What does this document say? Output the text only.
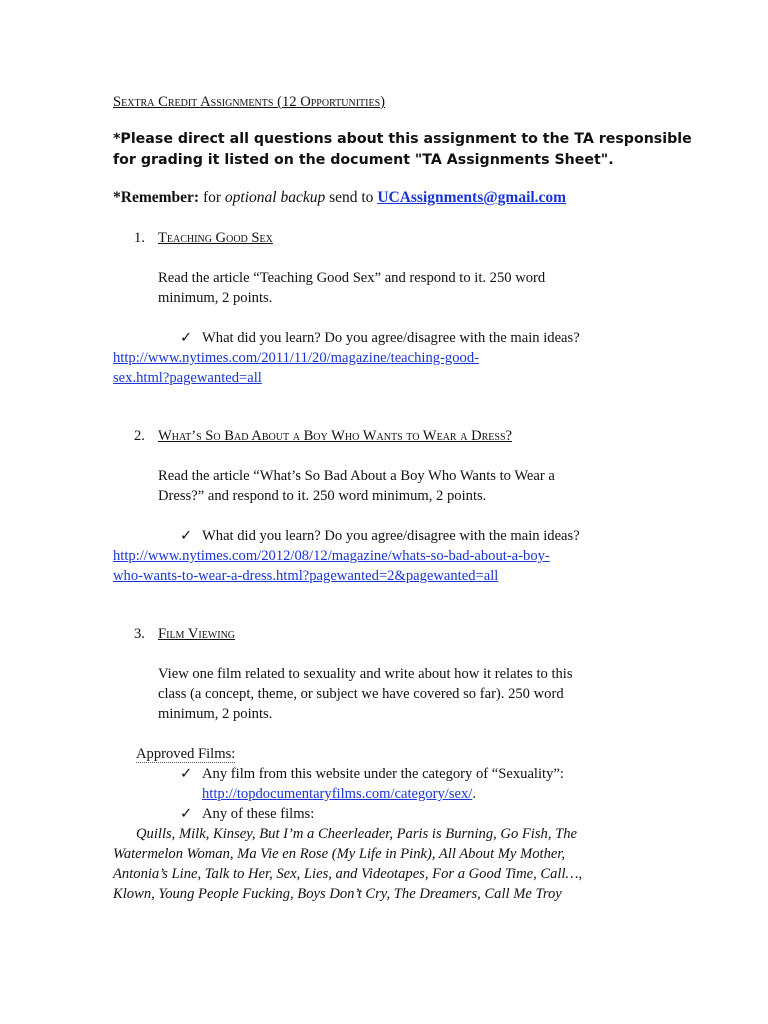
Sextra Credit Assignments (12 Opportunities)
*Please direct all questions about this assignment to the TA responsible
for grading it listed on the document "TA Assignments Sheet".
*Remember: for optional backup send to UCAssignments@gmail.com
1. Teaching Good Sex
Read the article “Teaching Good Sex” and respond to it. 250 word
minimum, 2 points.
✓ What did you learn? Do you agree/disagree with the main ideas?
http://www.nytimes.com/2011/11/20/magazine/teaching-good-
sex.html?pagewanted=all
2. What’s So Bad About a Boy Who Wants to Wear a Dress?
Read the article “What’s So Bad About a Boy Who Wants to Wear a
Dress?” and respond to it. 250 word minimum, 2 points.
✓ What did you learn? Do you agree/disagree with the main ideas?
http://www.nytimes.com/2012/08/12/magazine/whats-so-bad-about-a-boy-
who-wants-to-wear-a-dress.html?pagewanted=2&pagewanted=all
3. Film Viewing
View one film related to sexuality and write about how it relates to this
class (a concept, theme, or subject we have covered so far). 250 word
minimum, 2 points.
Approved Films:
✓ Any film from this website under the category of “Sexuality”:
http://topdocumentaryfilms.com/category/sex/.
✓ Any of these films:
Quills, Milk, Kinsey, But I’m a Cheerleader, Paris is Burning, Go Fish, The
Watermelon Woman, Ma Vie en Rose (My Life in Pink), All About My Mother,
Antonia’s Line, Talk to Her, Sex, Lies, and Videotapes, For a Good Time, Call…,
Klown, Young People Fucking, Boys Don’t Cry, The Dreamers, Call Me Troy
